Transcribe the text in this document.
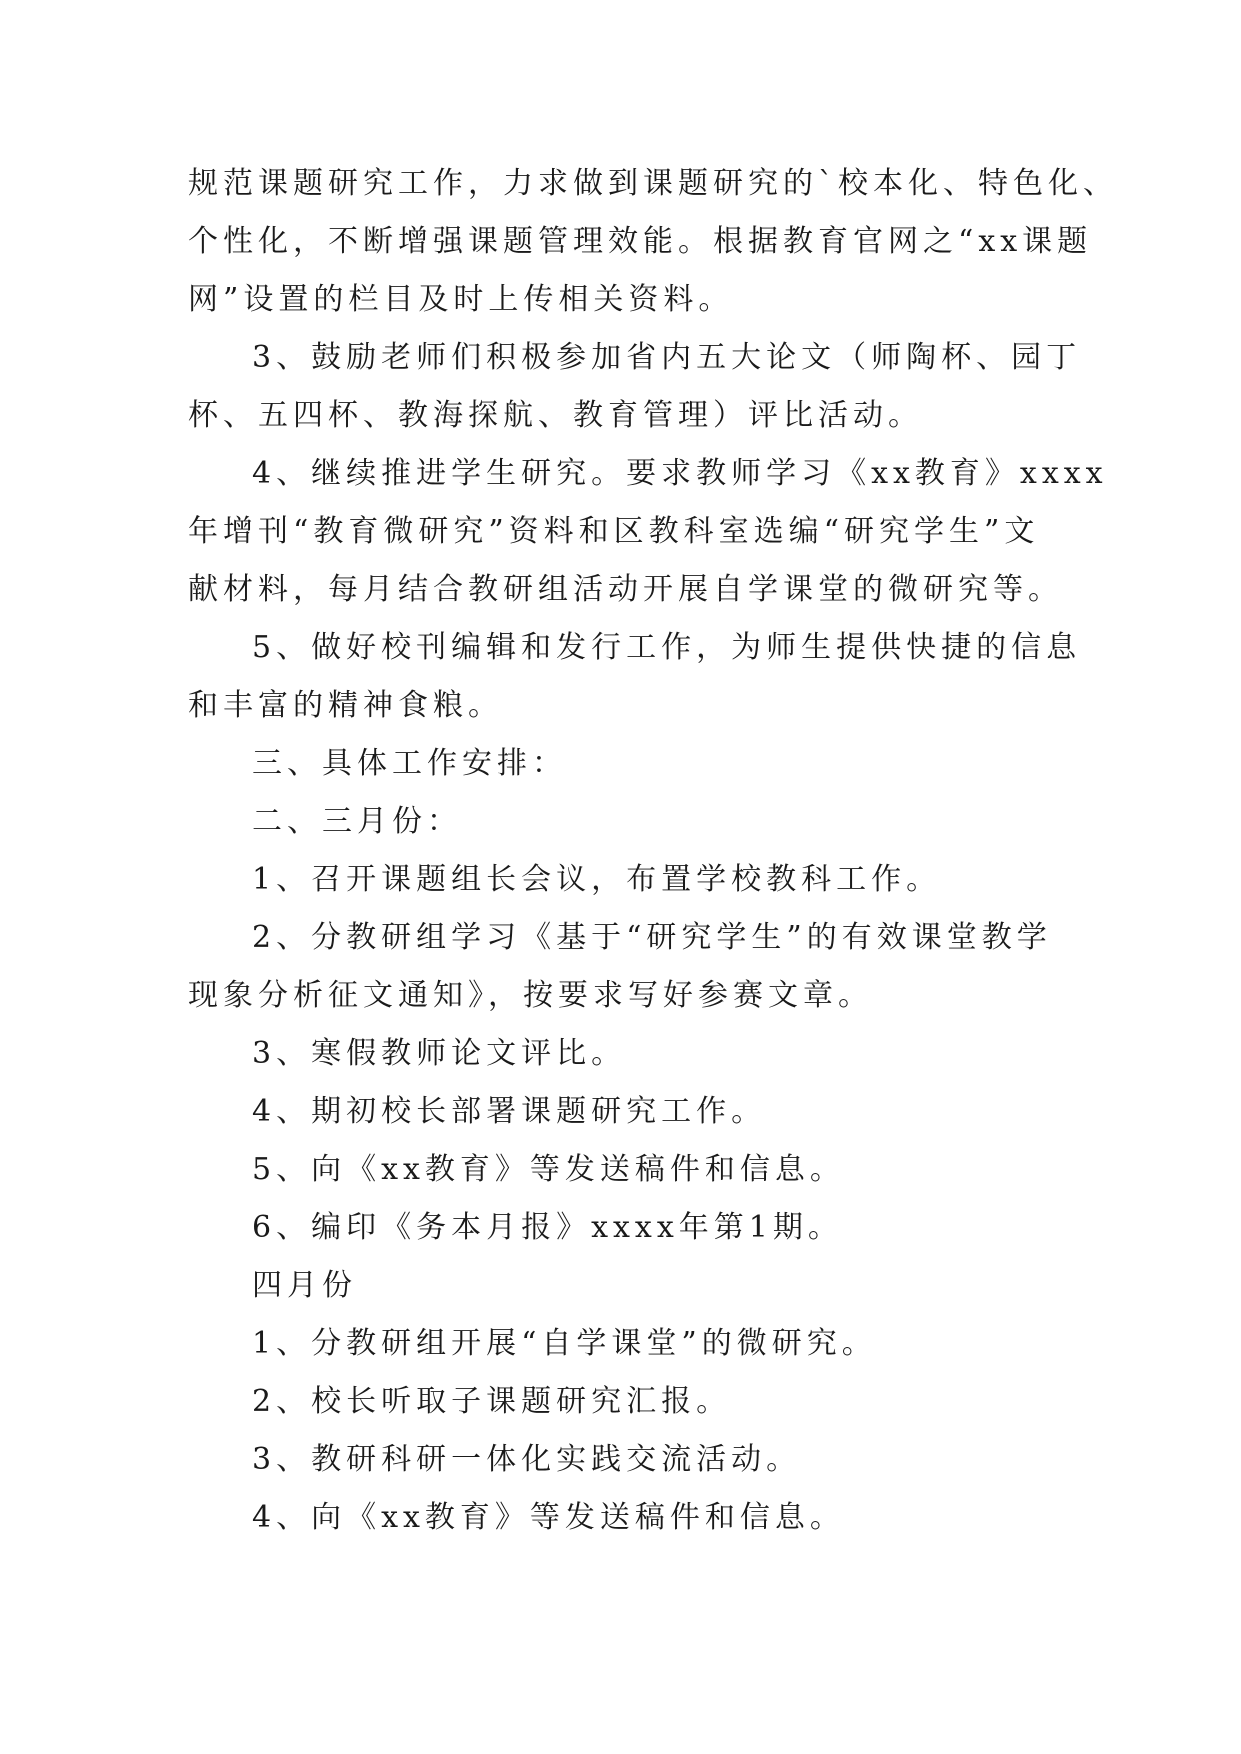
规范课题研究工作，力求做到课题研究的`校本化、特色化、
个性化，不断增强课题管理效能。根据教育官网之“xx课题
网”设置的栏目及时上传相关资料。
3、鼓励老师们积极参加省内五大论文（师陶杯、园丁
杯、五四杯、教海探航、教育管理）评比活动。
4、继续推进学生研究。要求教师学习《xx教育》xxxx
年增刊“教育微研究”资料和区教科室选编“研究学生”文
献材料，每月结合教研组活动开展自学课堂的微研究等。
5、做好校刊编辑和发行工作，为师生提供快捷的信息
和丰富的精神食粮。
三、具体工作安排：
二、三月份：
1、召开课题组长会议，布置学校教科工作。
2、分教研组学习《基于“研究学生”的有效课堂教学
现象分析征文通知》，按要求写好参赛文章。
3、寒假教师论文评比。
4、期初校长部署课题研究工作。
5、向《xx教育》等发送稿件和信息。
6、编印《务本月报》xxxx年第1期。
四月份
1、分教研组开展“自学课堂”的微研究。
2、校长听取子课题研究汇报。
3、教研科研一体化实践交流活动。
4、向《xx教育》等发送稿件和信息。
